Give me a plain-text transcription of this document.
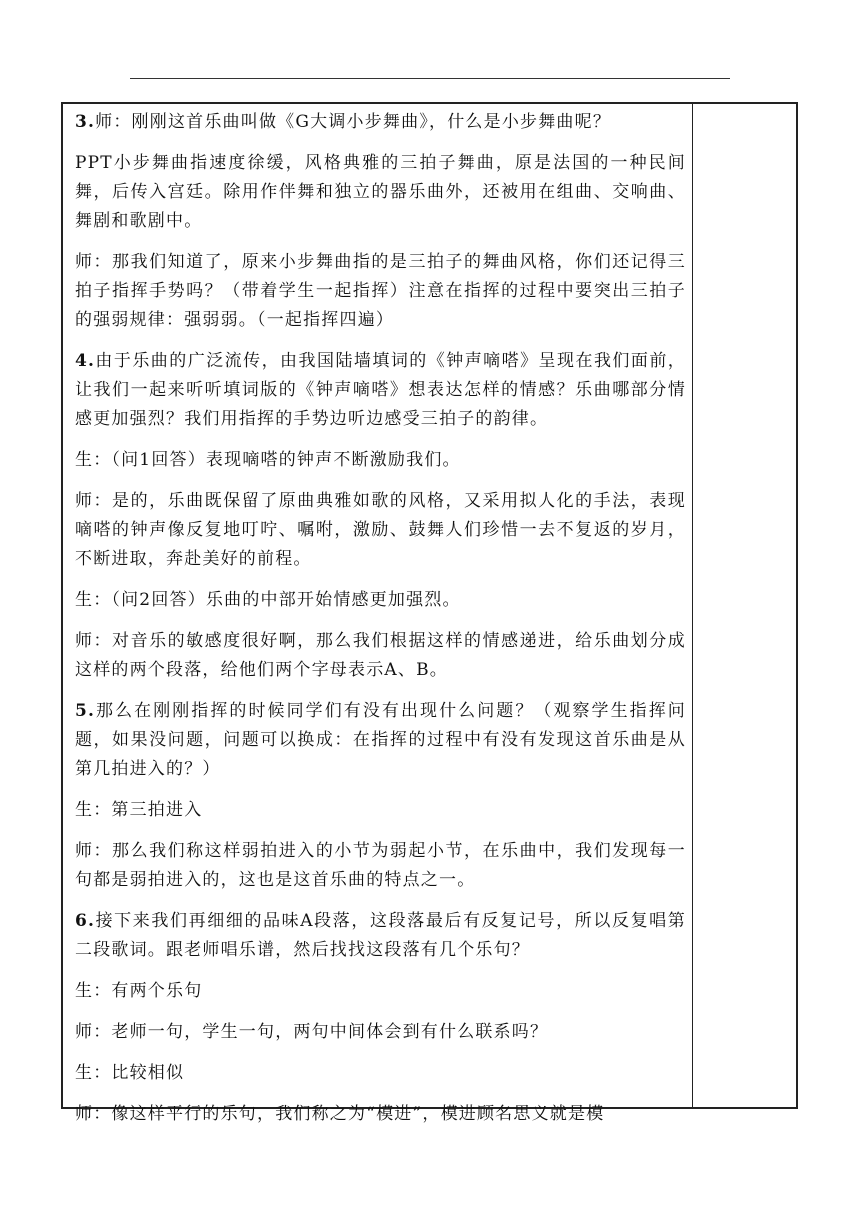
3.师：刚刚这首乐曲叫做《G大调小步舞曲》，什么是小步舞曲呢？

PPT小步舞曲指速度徐缓，风格典雅的三拍子舞曲，原是法国的一种民间舞，后传入宫廷。除用作伴舞和独立的器乐曲外，还被用在组曲、交响曲、舞剧和歌剧中。

师：那我们知道了，原来小步舞曲指的是三拍子的舞曲风格，你们还记得三拍子指挥手势吗？（带着学生一起指挥）注意在指挥的过程中要突出三拍子的强弱规律：强弱弱。（一起指挥四遍）

4.由于乐曲的广泛流传，由我国陆墙填词的《钟声嘀嗒》呈现在我们面前，让我们一起来听听填词版的《钟声嘀嗒》想表达怎样的情感？乐曲哪部分情感更加强烈？我们用指挥的手势边听边感受三拍子的韵律。

生：（问1回答）表现嘀嗒的钟声不断激励我们。

师：是的，乐曲既保留了原曲典雅如歌的风格，又采用拟人化的手法，表现嘀嗒的钟声像反复地叮咛、嘱咐，激励、鼓舞人们珍惜一去不复返的岁月，不断进取，奔赴美好的前程。

生：（问2回答）乐曲的中部开始情感更加强烈。

师：对音乐的敏感度很好啊，那么我们根据这样的情感递进，给乐曲划分成这样的两个段落，给他们两个字母表示A、B。

5.那么在刚刚指挥的时候同学们有没有出现什么问题？（观察学生指挥问题，如果没问题，问题可以换成：在指挥的过程中有没有发现这首乐曲是从第几拍进入的？）

生：第三拍进入

师：那么我们称这样弱拍进入的小节为弱起小节，在乐曲中，我们发现每一句都是弱拍进入的，这也是这首乐曲的特点之一。

6.接下来我们再细细的品味A段落，这段落最后有反复记号，所以反复唱第二段歌词。跟老师唱乐谱，然后找找这段落有几个乐句？

生：有两个乐句

师：老师一句，学生一句，两句中间体会到有什么联系吗？

生：比较相似

师：像这样平行的乐句，我们称之为“模进”，模进顾名思义就是模
